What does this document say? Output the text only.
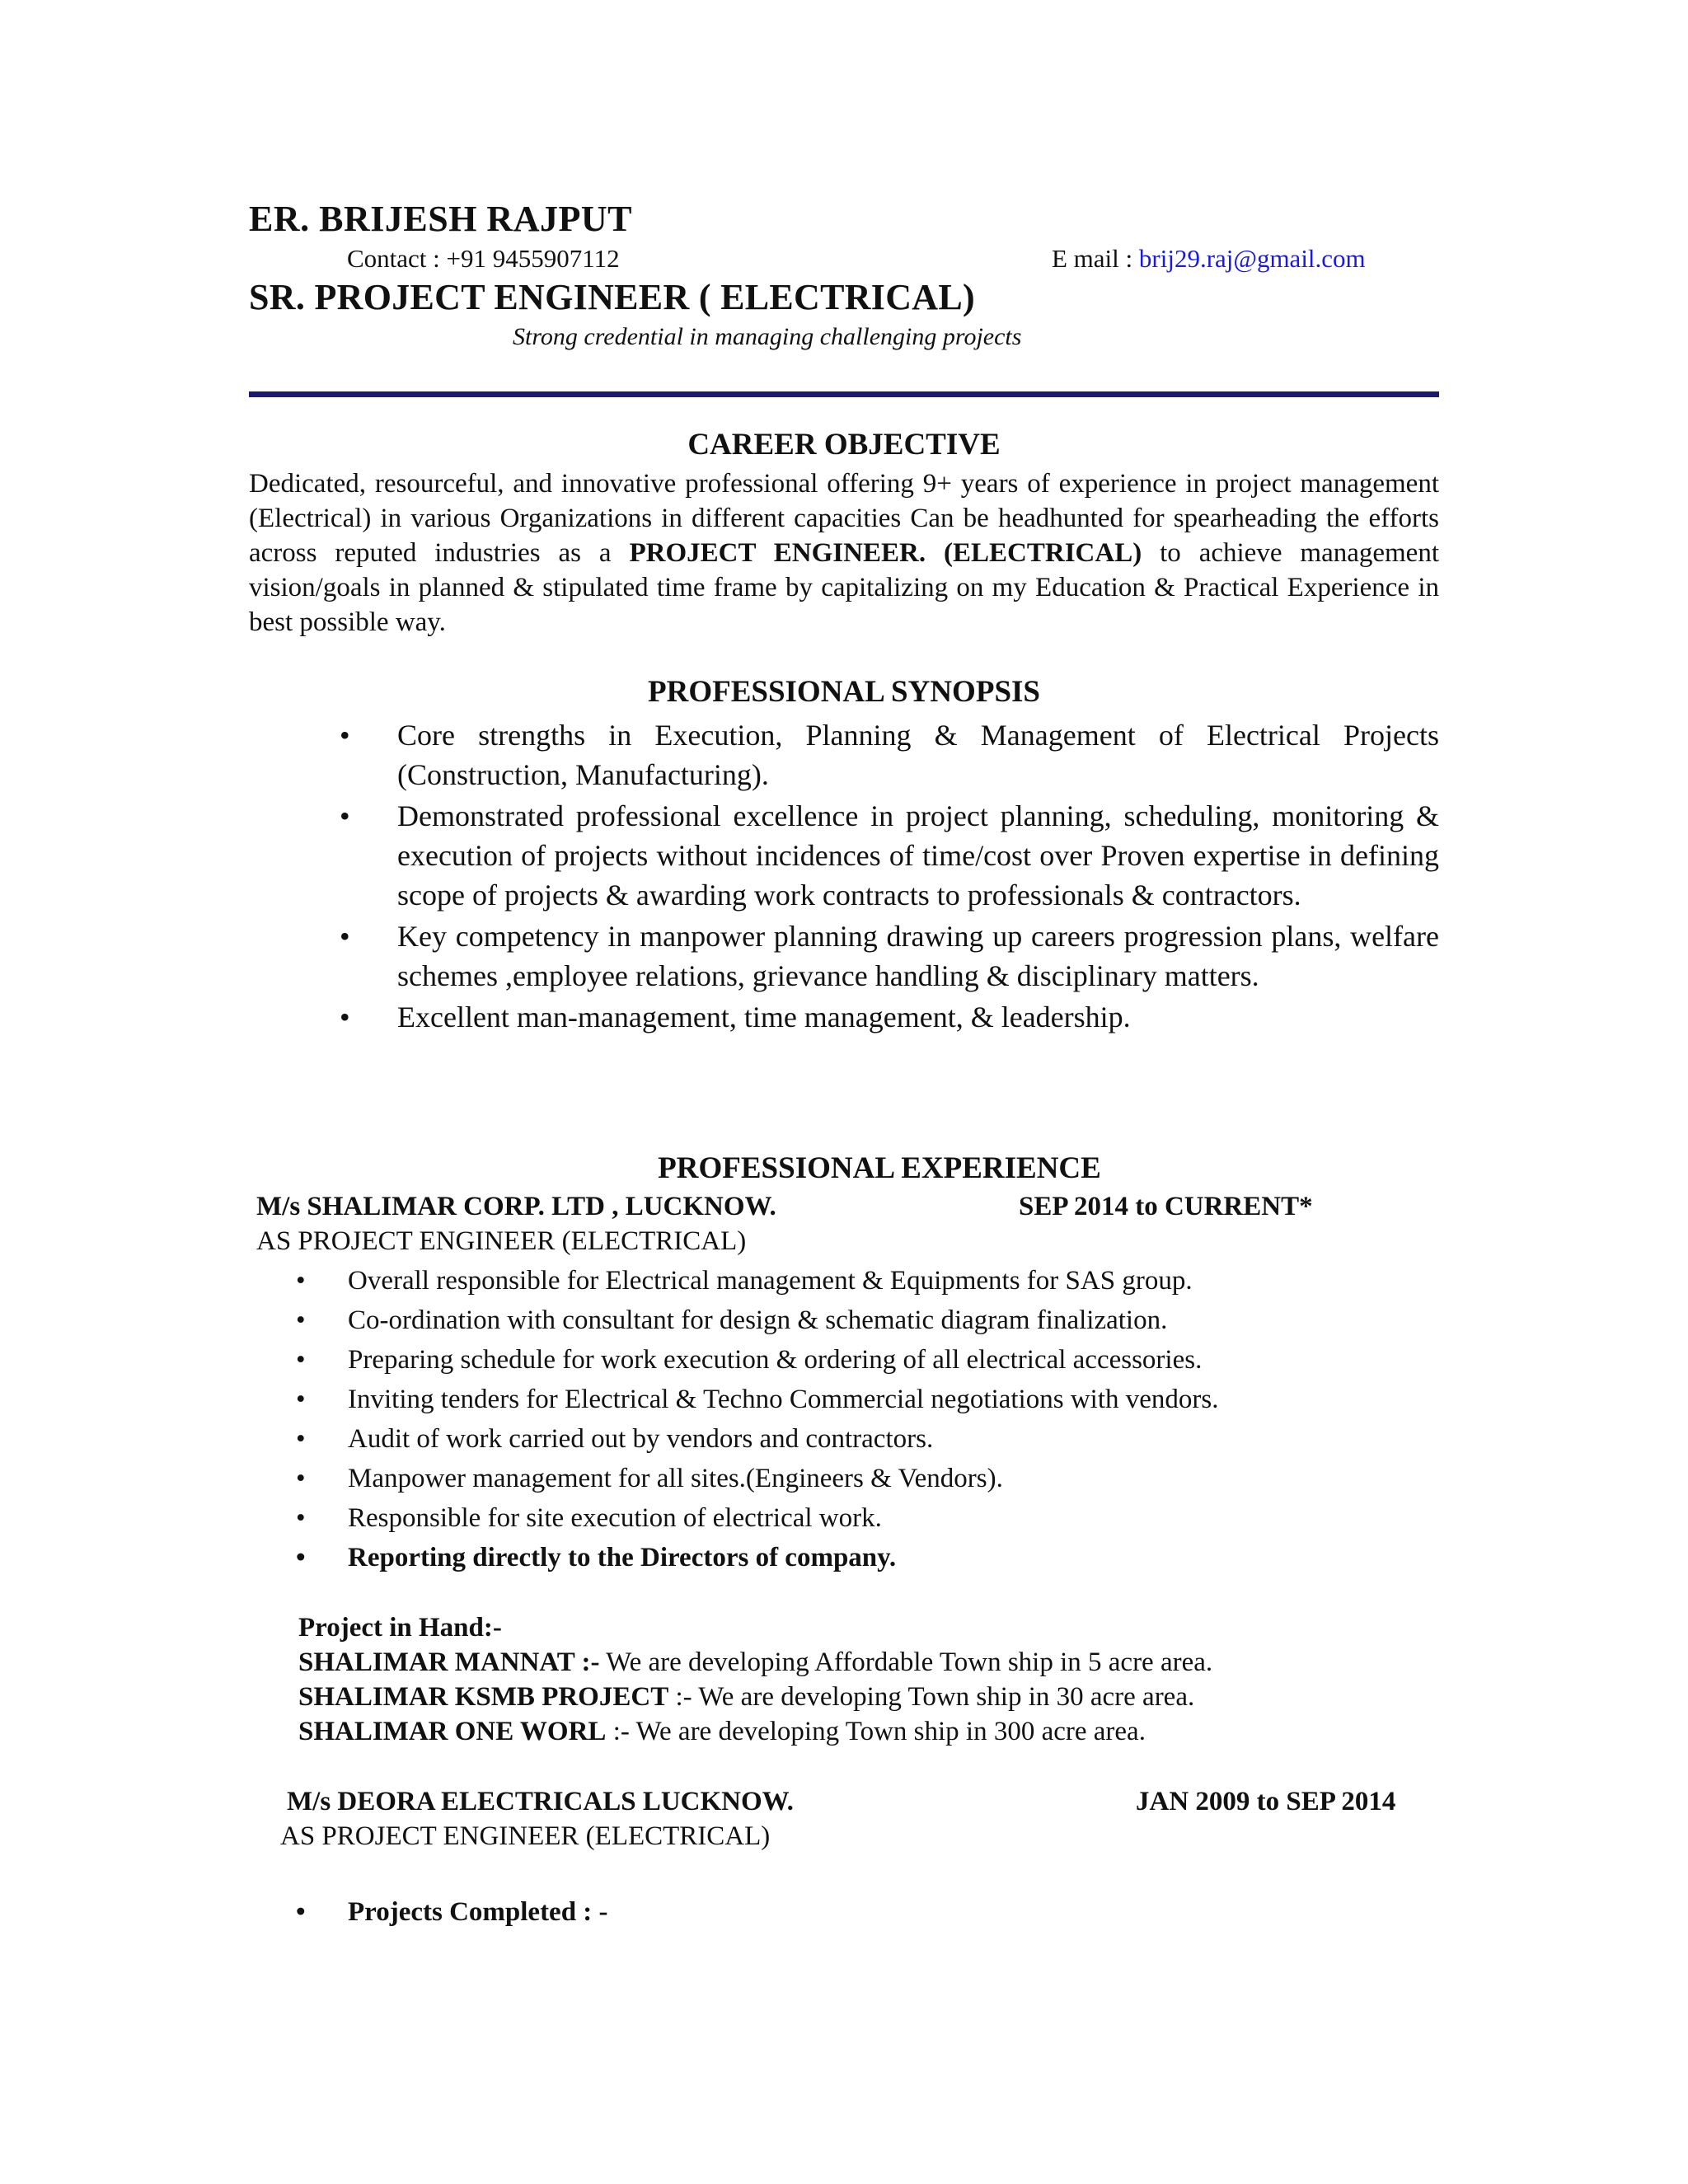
ER. BRIJESH RAJPUT
Contact : +91 9455907112	E mail : brij29.raj@gmail.com
SR. PROJECT ENGINEER ( ELECTRICAL)
Strong credential in managing challenging projects
CAREER OBJECTIVE
Dedicated, resourceful, and innovative professional offering 9+ years of experience in project management (Electrical) in various Organizations in different capacities Can be headhunted for spearheading the efforts across reputed industries as a PROJECT ENGINEER. (ELECTRICAL) to achieve management vision/goals in planned & stipulated time frame by capitalizing on my Education & Practical Experience in best possible way.
PROFESSIONAL SYNOPSIS
• Core strengths in Execution, Planning & Management of Electrical Projects (Construction, Manufacturing).
• Demonstrated professional excellence in project planning, scheduling, monitoring & execution of projects without incidences of time/cost over Proven expertise in defining scope of projects & awarding work contracts to professionals & contractors.
• Key competency in manpower planning drawing up careers progression plans, welfare schemes ,employee relations, grievance handling & disciplinary matters.
• Excellent man-management, time management, & leadership.
PROFESSIONAL EXPERIENCE
M/s SHALIMAR CORP. LTD , LUCKNOW.	SEP 2014 to CURRENT*
AS PROJECT ENGINEER (ELECTRICAL)
• Overall responsible for Electrical management & Equipments for SAS group.
• Co-ordination with consultant for design & schematic diagram finalization.
• Preparing schedule for work execution & ordering of all electrical accessories.
• Inviting tenders for Electrical & Techno Commercial negotiations with vendors.
• Audit of work carried out by vendors and contractors.
• Manpower management for all sites.(Engineers & Vendors).
• Responsible for site execution of electrical work.
• Reporting directly to the Directors of company.
Project in Hand:-
SHALIMAR MANNAT :- We are developing Affordable Town ship in 5 acre area.
SHALIMAR KSMB PROJECT :- We are developing Town ship in 30 acre area.
SHALIMAR ONE WORL :- We are developing Town ship in 300 acre area.
M/s DEORA ELECTRICALS LUCKNOW.	JAN 2009 to SEP 2014
AS PROJECT ENGINEER (ELECTRICAL)
• Projects Completed : -
